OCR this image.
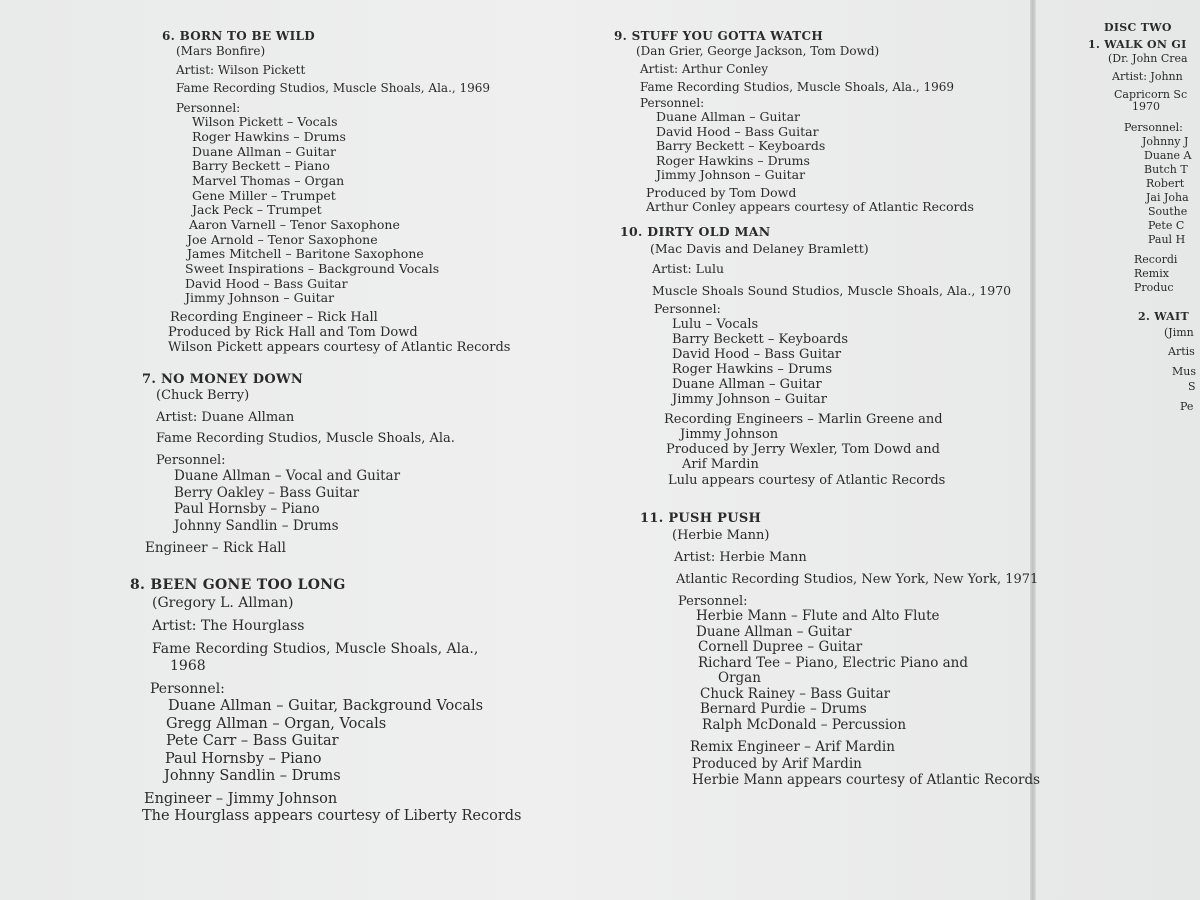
6. BORN TO BE WILD
(Mars Bonfire)
Artist: Wilson Pickett
Fame Recording Studios, Muscle Shoals, Ala., 1969
Personnel:
Wilson Pickett – Vocals
Roger Hawkins – Drums
Duane Allman – Guitar
Barry Beckett – Piano
Marvel Thomas – Organ
Gene Miller – Trumpet
Jack Peck – Trumpet
Aaron Varnell – Tenor Saxophone
Joe Arnold – Tenor Saxophone
James Mitchell – Baritone Saxophone
Sweet Inspirations – Background Vocals
David Hood – Bass Guitar
Jimmy Johnson – Guitar
Recording Engineer – Rick Hall
Produced by Rick Hall and Tom Dowd
Wilson Pickett appears courtesy of Atlantic Records
7. NO MONEY DOWN
(Chuck Berry)
Artist: Duane Allman
Fame Recording Studios, Muscle Shoals, Ala.
Personnel:
Duane Allman – Vocal and Guitar
Berry Oakley – Bass Guitar
Paul Hornsby – Piano
Johnny Sandlin – Drums
Engineer – Rick Hall
8. BEEN GONE TOO LONG
(Gregory L. Allman)
Artist: The Hourglass
Fame Recording Studios, Muscle Shoals, Ala.,
1968
Personnel:
Duane Allman – Guitar, Background Vocals
Gregg Allman – Organ, Vocals
Pete Carr – Bass Guitar
Paul Hornsby – Piano
Johnny Sandlin – Drums
Engineer – Jimmy Johnson
The Hourglass appears courtesy of Liberty Records
9. STUFF YOU GOTTA WATCH
(Dan Grier, George Jackson, Tom Dowd)
Artist: Arthur Conley
Fame Recording Studios, Muscle Shoals, Ala., 1969
Personnel:
Duane Allman – Guitar
David Hood – Bass Guitar
Barry Beckett – Keyboards
Roger Hawkins – Drums
Jimmy Johnson – Guitar
Produced by Tom Dowd
Arthur Conley appears courtesy of Atlantic Records
10. DIRTY OLD MAN
(Mac Davis and Delaney Bramlett)
Artist: Lulu
Muscle Shoals Sound Studios, Muscle Shoals, Ala., 1970
Personnel:
Lulu – Vocals
Barry Beckett – Keyboards
David Hood – Bass Guitar
Roger Hawkins – Drums
Duane Allman – Guitar
Jimmy Johnson – Guitar
Recording Engineers – Marlin Greene and
Jimmy Johnson
Produced by Jerry Wexler, Tom Dowd and
Arif Mardin
Lulu appears courtesy of Atlantic Records
11. PUSH PUSH
(Herbie Mann)
Artist: Herbie Mann
Atlantic Recording Studios, New York, New York, 1971
Personnel:
Herbie Mann – Flute and Alto Flute
Duane Allman – Guitar
Cornell Dupree – Guitar
Richard Tee – Piano, Electric Piano and
Organ
Chuck Rainey – Bass Guitar
Bernard Purdie – Drums
Ralph McDonald – Percussion
Remix Engineer – Arif Mardin
Produced by Arif Mardin
Herbie Mann appears courtesy of Atlantic Records
DISC TWO
1. WALK ON GI
(Dr. John Crea
Artist: Johnn
Capricorn Sc
1970
Personnel:
Johnny J
Duane A
Butch T
Robert
Jai Joha
Southe
Pete C
Paul H
Recordi
Remix
Produc
2. WAIT
(Jimn
Artis
Mus
S
Pe
